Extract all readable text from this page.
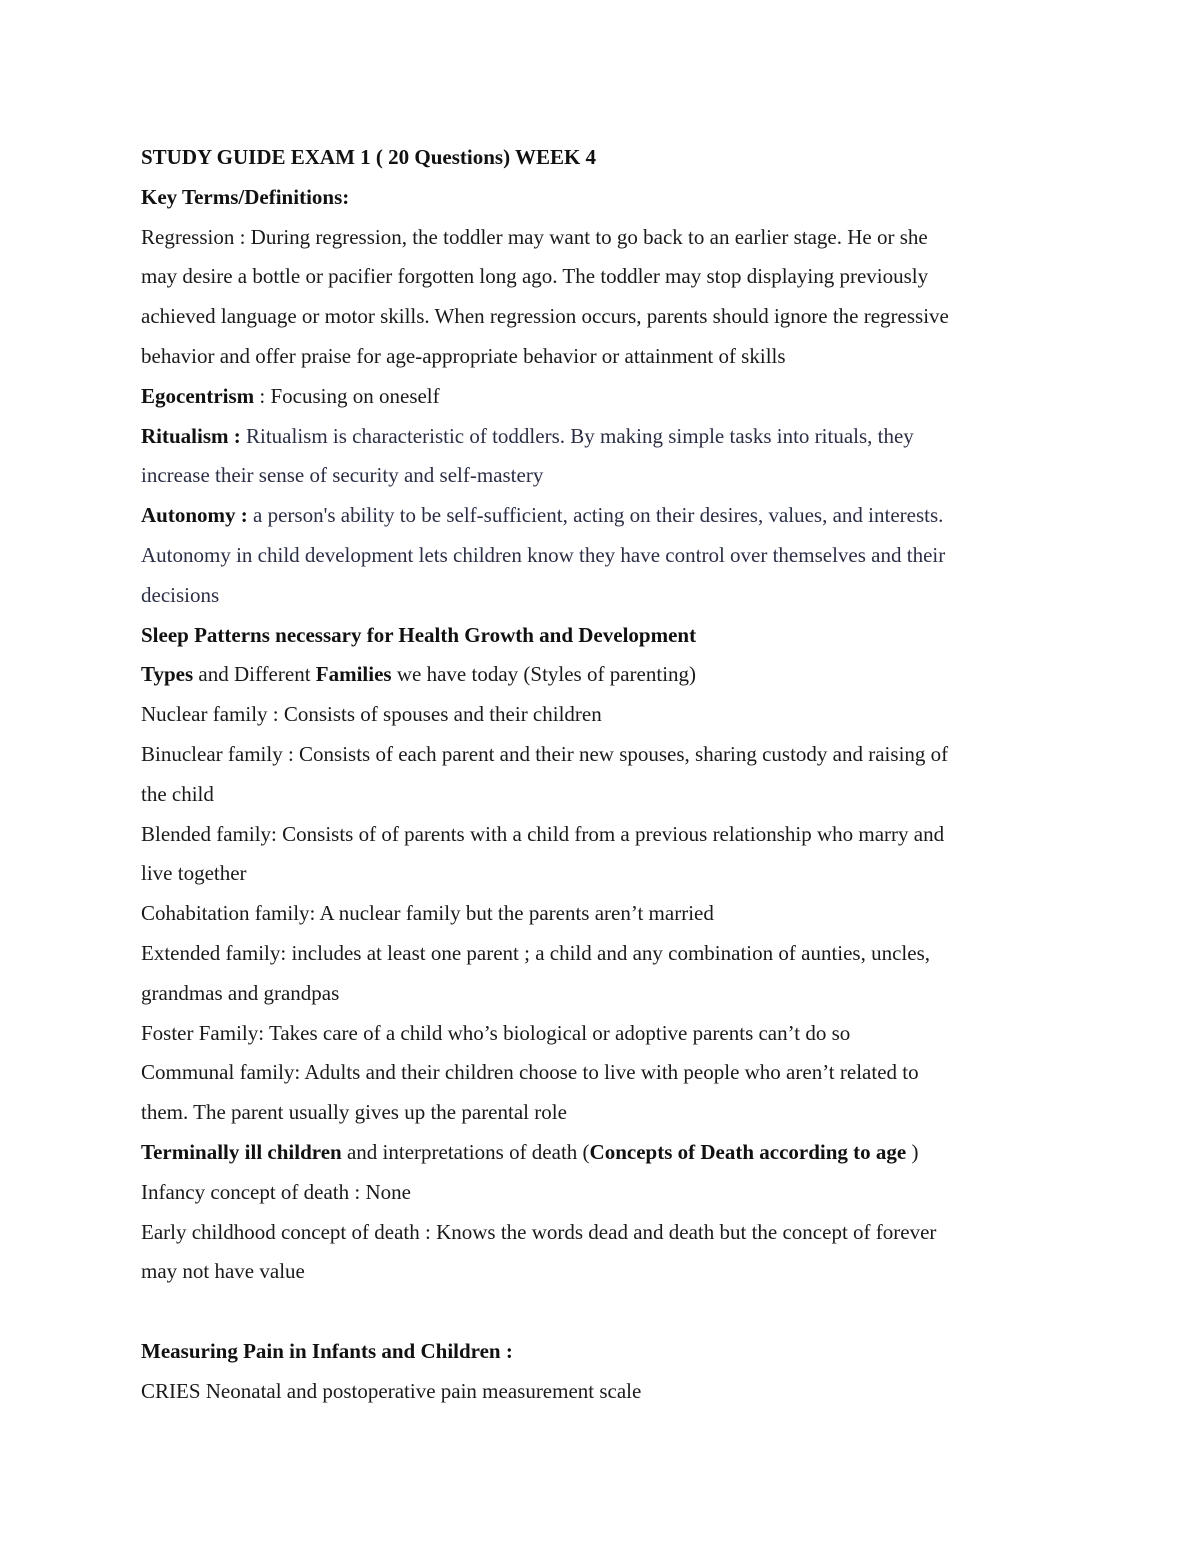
STUDY GUIDE EXAM 1 ( 20 Questions) WEEK 4
Key Terms/Definitions:
Regression : During regression, the toddler may want to go back to an earlier stage. He or she
may desire a bottle or pacifier forgotten long ago. The toddler may stop displaying previously
achieved language or motor skills. When regression occurs, parents should ignore the regressive
behavior and offer praise for age-appropriate behavior or attainment of skills
Egocentrism : Focusing on oneself
Ritualism : Ritualism is characteristic of toddlers. By making simple tasks into rituals, they
increase their sense of security and self-mastery
Autonomy : a person's ability to be self-sufficient, acting on their desires, values, and interests.
Autonomy in child development lets children know they have control over themselves and their
decisions
Sleep Patterns necessary for Health Growth and Development
Types and Different Families we have today (Styles of parenting)
Nuclear family : Consists of spouses and their children
Binuclear family : Consists of each parent and their new spouses, sharing custody and raising of
the child
Blended family: Consists of of parents with a child from a previous relationship who marry and
live together
Cohabitation family: A nuclear family but the parents aren’t married
Extended family: includes at least one parent ; a child and any combination of aunties, uncles,
grandmas and grandpas
Foster Family: Takes care of a child who’s biological or adoptive parents can’t do so
Communal family: Adults and their children choose to live with people who aren’t related to
them. The parent usually gives up the parental role
Terminally ill children and interpretations of death (Concepts of Death according to age )
Infancy concept of death : None
Early childhood concept of death : Knows the words dead and death but the concept of forever
may not have value
Measuring Pain in Infants and Children :
CRIES Neonatal and postoperative pain measurement scale
